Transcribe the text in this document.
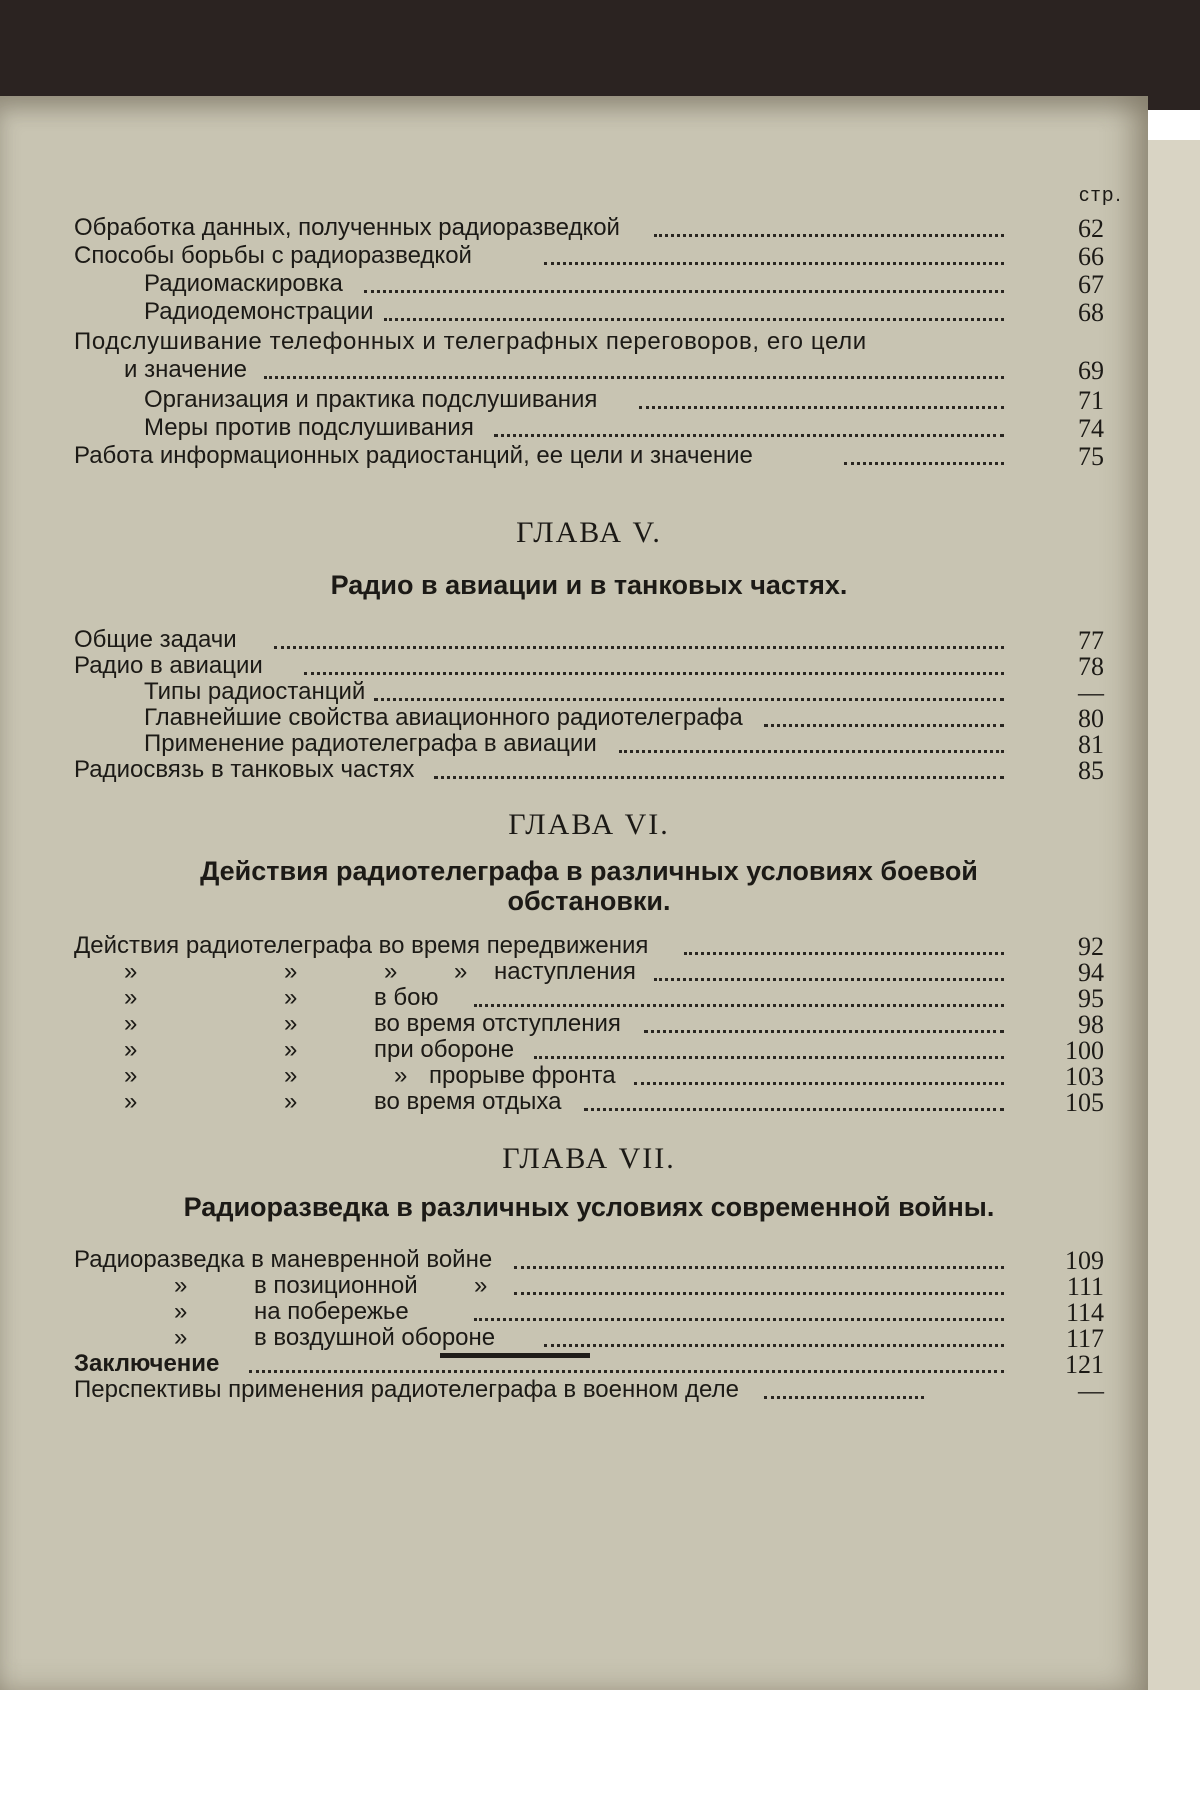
стр.
Обработка данных, полученных радиоразведкой	62
Способы борьбы с радиоразведкой	66
Радиомаскировка	67
Радиодемонстрации	68
Подслушивание телефонных и телеграфных переговоров, его цели
и значение	69
Организация и практика подслушивания	71
Меры против подслушивания	74
Работа информационных радиостанций, ее цели и значение	75
ГЛАВА V.
Радио в авиации и в танковых частях.
Общие задачи	77
Радио в авиации	78
Типы радиостанций	—
Главнейшие свойства авиационного радиотелеграфа	80
Применение радиотелеграфа в авиации	81
Радиосвязь в танковых частях	85
ГЛАВА VI.
Действия радиотелеграфа в различных условиях боевой
обстановки.
Действия радиотелеграфа во время передвижения	92
»	»	» » наступления	94
»	»	в бою	95
»	»	во время отступления	98
»	»	при обороне	100
»	»	» прорыве фронта	103
»	»	во время отдыха	105
ГЛАВА VII.
Радиоразведка в различных условиях современной войны.
Радиоразведка в маневренной войне	109
»	в позиционной »	111
»	на побережье	114
»	в воздушной обороне	117
Заключение	121
Перспективы применения радиотелеграфа в военном деле	—
